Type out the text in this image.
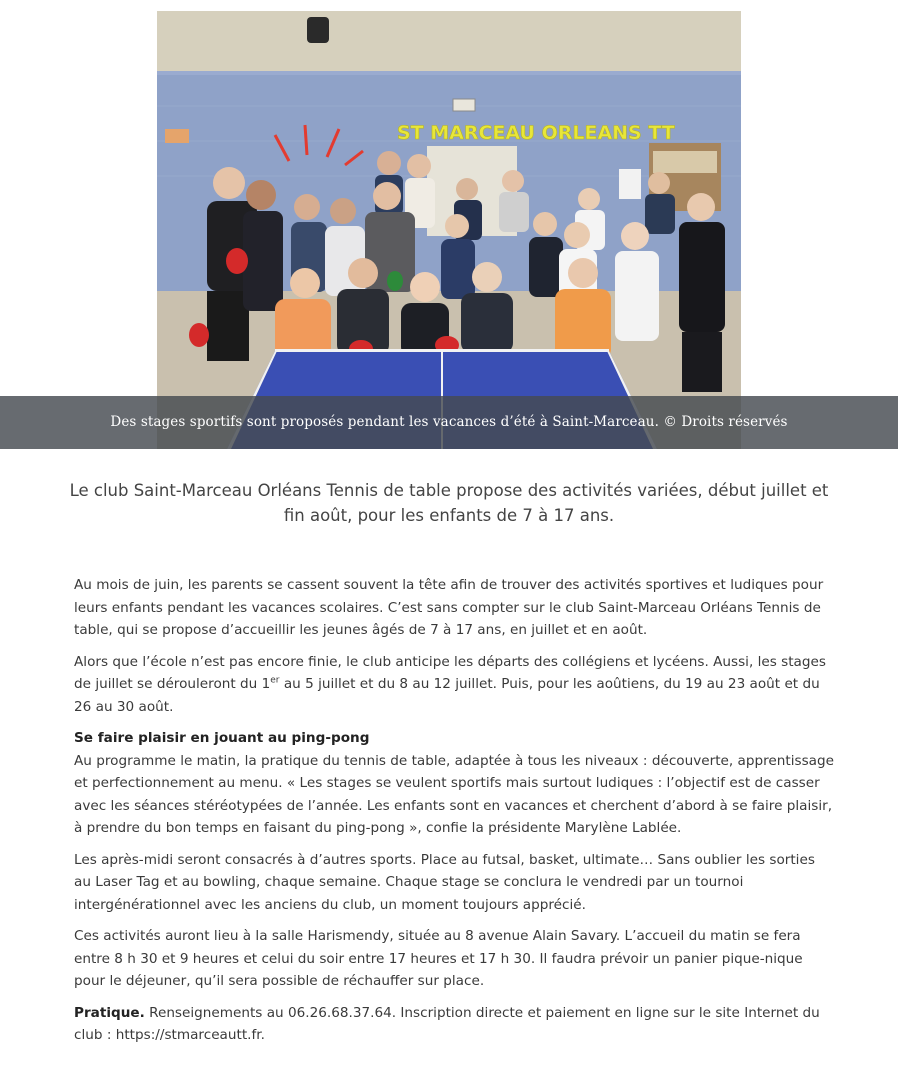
ST MARCEAU ORLEANS TT
Des stages sportifs sont proposés pendant les vacances d’été à Saint-Marceau. © Droits réservés
Le club Saint-Marceau Orléans Tennis de table propose des activités variées, début juillet et fin août, pour les enfants de 7 à 17 ans.

Au mois de juin, les parents se cassent souvent la tête afin de trouver des activités sportives et ludiques pour leurs enfants pendant les vacances scolaires. C’est sans compter sur le club Saint-Marceau Orléans Tennis de table, qui se propose d’accueillir les jeunes âgés de 7 à 17 ans, en juillet et en août.

Alors que l’école n’est pas encore finie, le club anticipe les départs des collégiens et lycéens. Aussi, les stages de juillet se dérouleront du 1er au 5 juillet et du 8 au 12 juillet. Puis, pour les aoûtiens, du 19 au 23 août et du 26 au 30 août.

Se faire plaisir en jouant au ping-pong

Au programme le matin, la pratique du tennis de table, adaptée à tous les niveaux : découverte, apprentissage et perfectionnement au menu. « Les stages se veulent sportifs mais surtout ludiques : l’objectif est de casser avec les séances stéréotypées de l’année. Les enfants sont en vacances et cherchent d’abord à se faire plaisir, à prendre du bon temps en faisant du ping-pong », confie la présidente Marylène Lablée.

Les après-midi seront consacrés à d’autres sports. Place au futsal, basket, ultimate… Sans oublier les sorties au Laser Tag et au bowling, chaque semaine. Chaque stage se conclura le vendredi par un tournoi intergénérationnel avec les anciens du club, un moment toujours apprécié.

Ces activités auront lieu à la salle Harismendy, située au 8 avenue Alain Savary. L’accueil du matin se fera entre 8 h 30 et 9 heures et celui du soir entre 17 heures et 17 h 30. Il faudra prévoir un panier pique-nique pour le déjeuner, qu’il sera possible de réchauffer sur place.

Pratique. Renseignements au 06.26.68.37.64. Inscription directe et paiement en ligne sur le site Internet du club : https://stmarceautt.fr.
